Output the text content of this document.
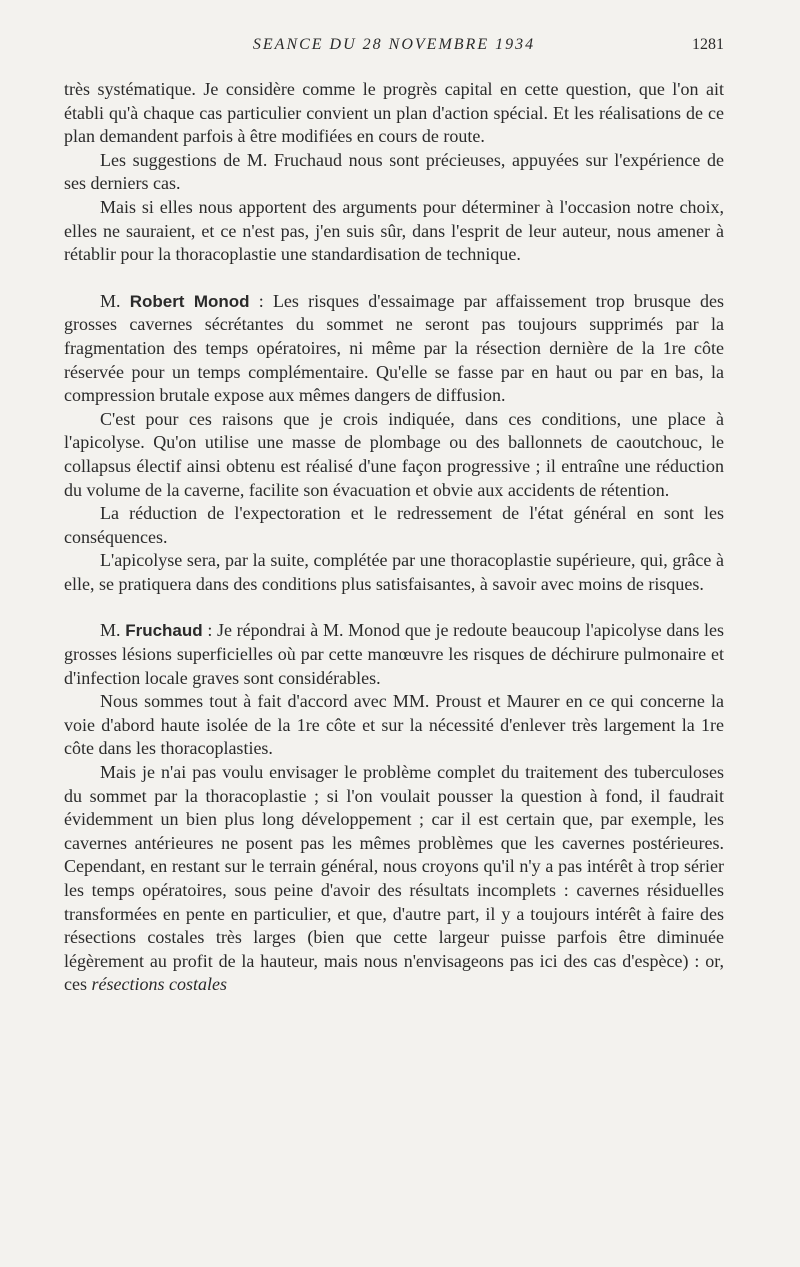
SEANCE DU 28 NOVEMBRE 1934	1281

très systématique. Je considère comme le progrès capital en cette question, que l'on ait établi qu'à chaque cas particulier convient un plan d'action spécial. Et les réalisations de ce plan demandent parfois à être modifiées en cours de route.

Les suggestions de M. Fruchaud nous sont précieuses, appuyées sur l'expérience de ses derniers cas.

Mais si elles nous apportent des arguments pour déterminer à l'occasion notre choix, elles ne sauraient, et ce n'est pas, j'en suis sûr, dans l'esprit de leur auteur, nous amener à rétablir pour la thoracoplastie une standardisation de technique.

M. Robert Monod : Les risques d'essaimage par affaissement trop brusque des grosses cavernes sécrétantes du sommet ne seront pas toujours supprimés par la fragmentation des temps opératoires, ni même par la résection dernière de la 1re côte réservée pour un temps complémentaire. Qu'elle se fasse par en haut ou par en bas, la compression brutale expose aux mêmes dangers de diffusion.

C'est pour ces raisons que je crois indiquée, dans ces conditions, une place à l'apicolyse. Qu'on utilise une masse de plombage ou des ballonnets de caoutchouc, le collapsus électif ainsi obtenu est réalisé d'une façon progressive ; il entraîne une réduction du volume de la caverne, facilite son évacuation et obvie aux accidents de rétention.

La réduction de l'expectoration et le redressement de l'état général en sont les conséquences.

L'apicolyse sera, par la suite, complétée par une thoracoplastie supérieure, qui, grâce à elle, se pratiquera dans des conditions plus satisfaisantes, à savoir avec moins de risques.

M. Fruchaud : Je répondrai à M. Monod que je redoute beaucoup l'apicolyse dans les grosses lésions superficielles où par cette manœuvre les risques de déchirure pulmonaire et d'infection locale graves sont considérables.

Nous sommes tout à fait d'accord avec MM. Proust et Maurer en ce qui concerne la voie d'abord haute isolée de la 1re côte et sur la nécessité d'enlever très largement la 1re côte dans les thoracoplasties.

Mais je n'ai pas voulu envisager le problème complet du traitement des tuberculoses du sommet par la thoracoplastie ; si l'on voulait pousser la question à fond, il faudrait évidemment un bien plus long développement ; car il est certain que, par exemple, les cavernes antérieures ne posent pas les mêmes problèmes que les cavernes postérieures. Cependant, en restant sur le terrain général, nous croyons qu'il n'y a pas intérêt à trop sérier les temps opératoires, sous peine d'avoir des résultats incomplets : cavernes résiduelles transformées en pente en particulier, et que, d'autre part, il y a toujours intérêt à faire des résections costales très larges (bien que cette largeur puisse parfois être diminuée légèrement au profit de la hauteur, mais nous n'envisageons pas ici des cas d'espèce) : or, ces résections costales
